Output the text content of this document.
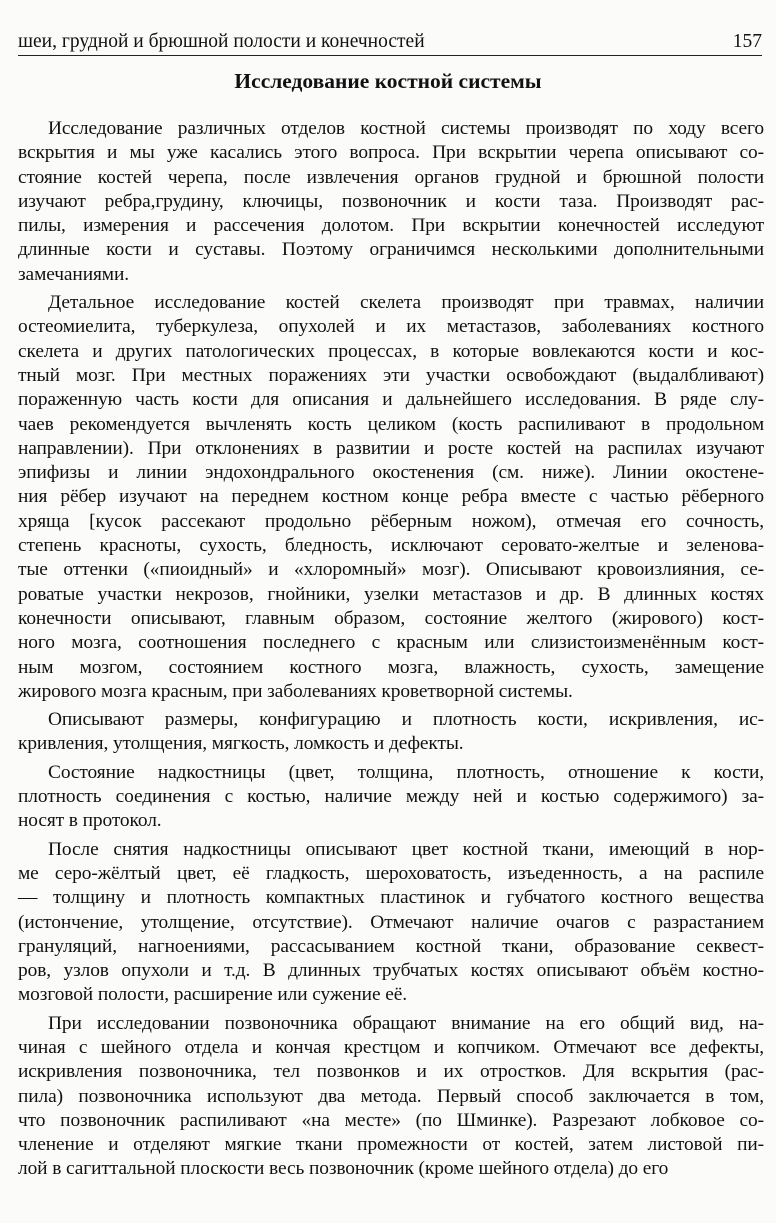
шеи, грудной и брюшной полости и конечностей	157
Исследование костной системы
Исследование различных отделов костной системы производят по ходу всего
вскрытия и мы уже касались этого вопроса. При вскрытии черепа описывают со-
стояние костей черепа, после извлечения органов грудной и брюшной полости
изучают ребра,грудину, ключицы, позвоночник и кости таза. Производят рас-
пилы, измерения и рассечения долотом. При вскрытии конечностей исследуют
длинные кости и суставы. Поэтому ограничимся несколькими дополнительными
замечаниями.
Детальное исследование костей скелета производят при травмах, наличии
остеомиелита, туберкулеза, опухолей и их метастазов, заболеваниях костного
скелета и других патологических процессах, в которые вовлекаются кости и кос-
тный мозг. При местных поражениях эти участки освобождают (выдалбливают)
пораженную часть кости для описания и дальнейшего исследования. В ряде слу-
чаев рекомендуется вычленять кость целиком (кость распиливают в продольном
направлении). При отклонениях в развитии и росте костей на распилах изучают
эпифизы и линии эндохондрального окостенения (см. ниже). Линии окостене-
ния рёбер изучают на переднем костном конце ребра вместе с частью рёберного
хряща [кусок рассекают продольно рёберным ножом), отмечая его сочность,
степень красноты, сухость, бледность, исключают серовато-желтые и зеленова-
тые оттенки («пиоидный» и «хлоромный» мозг). Описывают кровоизлияния, се-
роватые участки некрозов, гнойники, узелки метастазов и др. В длинных костях
конечности описывают, главным образом, состояние желтого (жирового) кост-
ного мозга, соотношения последнего с красным или слизистоизменённым кост-
ным мозгом, состоянием костного мозга, влажность, сухость, замещение
жирового мозга красным, при заболеваниях кроветворной системы.
Описывают размеры, конфигурацию и плотность кости, искривления, ис-
кривления, утолщения, мягкость, ломкость и дефекты.
Состояние надкостницы (цвет, толщина, плотность, отношение к кости,
плотность соединения с костью, наличие между ней и костью содержимого) за-
носят в протокол.
После снятия надкостницы описывают цвет костной ткани, имеющий в нор-
ме серо-жёлтый цвет, её гладкость, шероховатость, изъеденность, а на распиле
— толщину и плотность компактных пластинок и губчатого костного вещества
(истончение, утолщение, отсутствие). Отмечают наличие очагов с разрастанием
грануляций, нагноениями, рассасыванием костной ткани, образование секвест-
ров, узлов опухоли и т.д. В длинных трубчатых костях описывают объём костно-
мозговой полости, расширение или сужение её.
При исследовании позвоночника обращают внимание на его общий вид, на-
чиная с шейного отдела и кончая крестцом и копчиком. Отмечают все дефекты,
искривления позвоночника, тел позвонков и их отростков. Для вскрытия (рас-
пила) позвоночника используют два метода. Первый способ заключается в том,
что позвоночник распиливают «на месте» (по Шминке). Разрезают лобковое со-
членение и отделяют мягкие ткани промежности от костей, затем листовой пи-
лой в сагиттальной плоскости весь позвоночник (кроме шейного отдела) до его
